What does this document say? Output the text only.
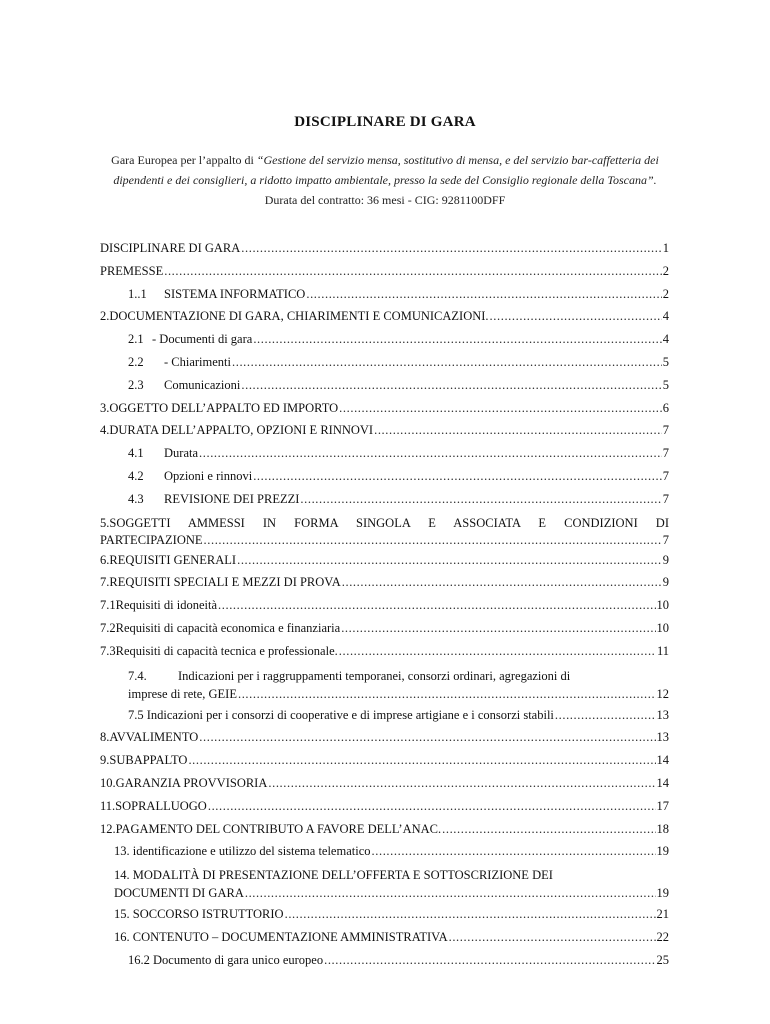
DISCIPLINARE DI GARA
Gara Europea per l’appalto di “Gestione del servizio mensa, sostitutivo di mensa, e del servizio bar-caffetteria dei dipendenti e dei consiglieri, a ridotto impatto ambientale, presso la sede del Consiglio regionale della Toscana”.
Durata del contratto: 36 mesi - CIG: 9281100DFF
DISCIPLINARE DI GARA .....	1
PREMESSE .....	2
1..1 SISTEMA INFORMATICO .....	2
2.DOCUMENTAZIONE DI GARA, CHIARIMENTI E COMUNICAZIONI. .....	4
2.1 - Documenti di gara .....	4
2.2 - Chiarimenti .....	5
2.3 Comunicazioni .....	5
3.OGGETTO DELL’APPALTO ED IMPORTO .....	6
4.DURATA DELL’APPALTO, OPZIONI E RINNOVI .....	7
4.1 Durata .....	7
4.2 Opzioni e rinnovi .....	7
4.3 REVISIONE DEI PREZZI .....	7
5.SOGGETTI AMMESSI IN FORMA SINGOLA E ASSOCIATA E CONDIZIONI DI
PARTECIPAZIONE .....	7
6.REQUISITI GENERALI .....	9
7.REQUISITI SPECIALI E MEZZI DI PROVA .....	9
7.1Requisiti di idoneità .....	10
7.2Requisiti di capacità economica e finanziaria .....	10
7.3Requisiti di capacità tecnica e professionale. .....	11
7.4.	Indicazioni per i raggruppamenti temporanei, consorzi ordinari, agregazioni di
imprese di rete, GEIE .....	12
7.5 Indicazioni per i consorzi di cooperative e di imprese artigiane e i consorzi stabili .....	13
8.AVVALIMENTO .....	13
9.SUBAPPALTO .....	14
10.GARANZIA PROVVISORIA .....	14
11.SOPRALLUOGO .....	17
12.PAGAMENTO DEL CONTRIBUTO A FAVORE DELL’ANAC. .....	18
13. identificazione e utilizzo del sistema telematico .....	19
14. MODALITÀ DI PRESENTAZIONE DELL’OFFERTA E SOTTOSCRIZIONE DEI
DOCUMENTI DI GARA .....	19
15. SOCCORSO ISTRUTTORIO .....	21
16. CONTENUTO – DOCUMENTAZIONE AMMINISTRATIVA .....	22
16.2 Documento di gara unico europeo .....	25
